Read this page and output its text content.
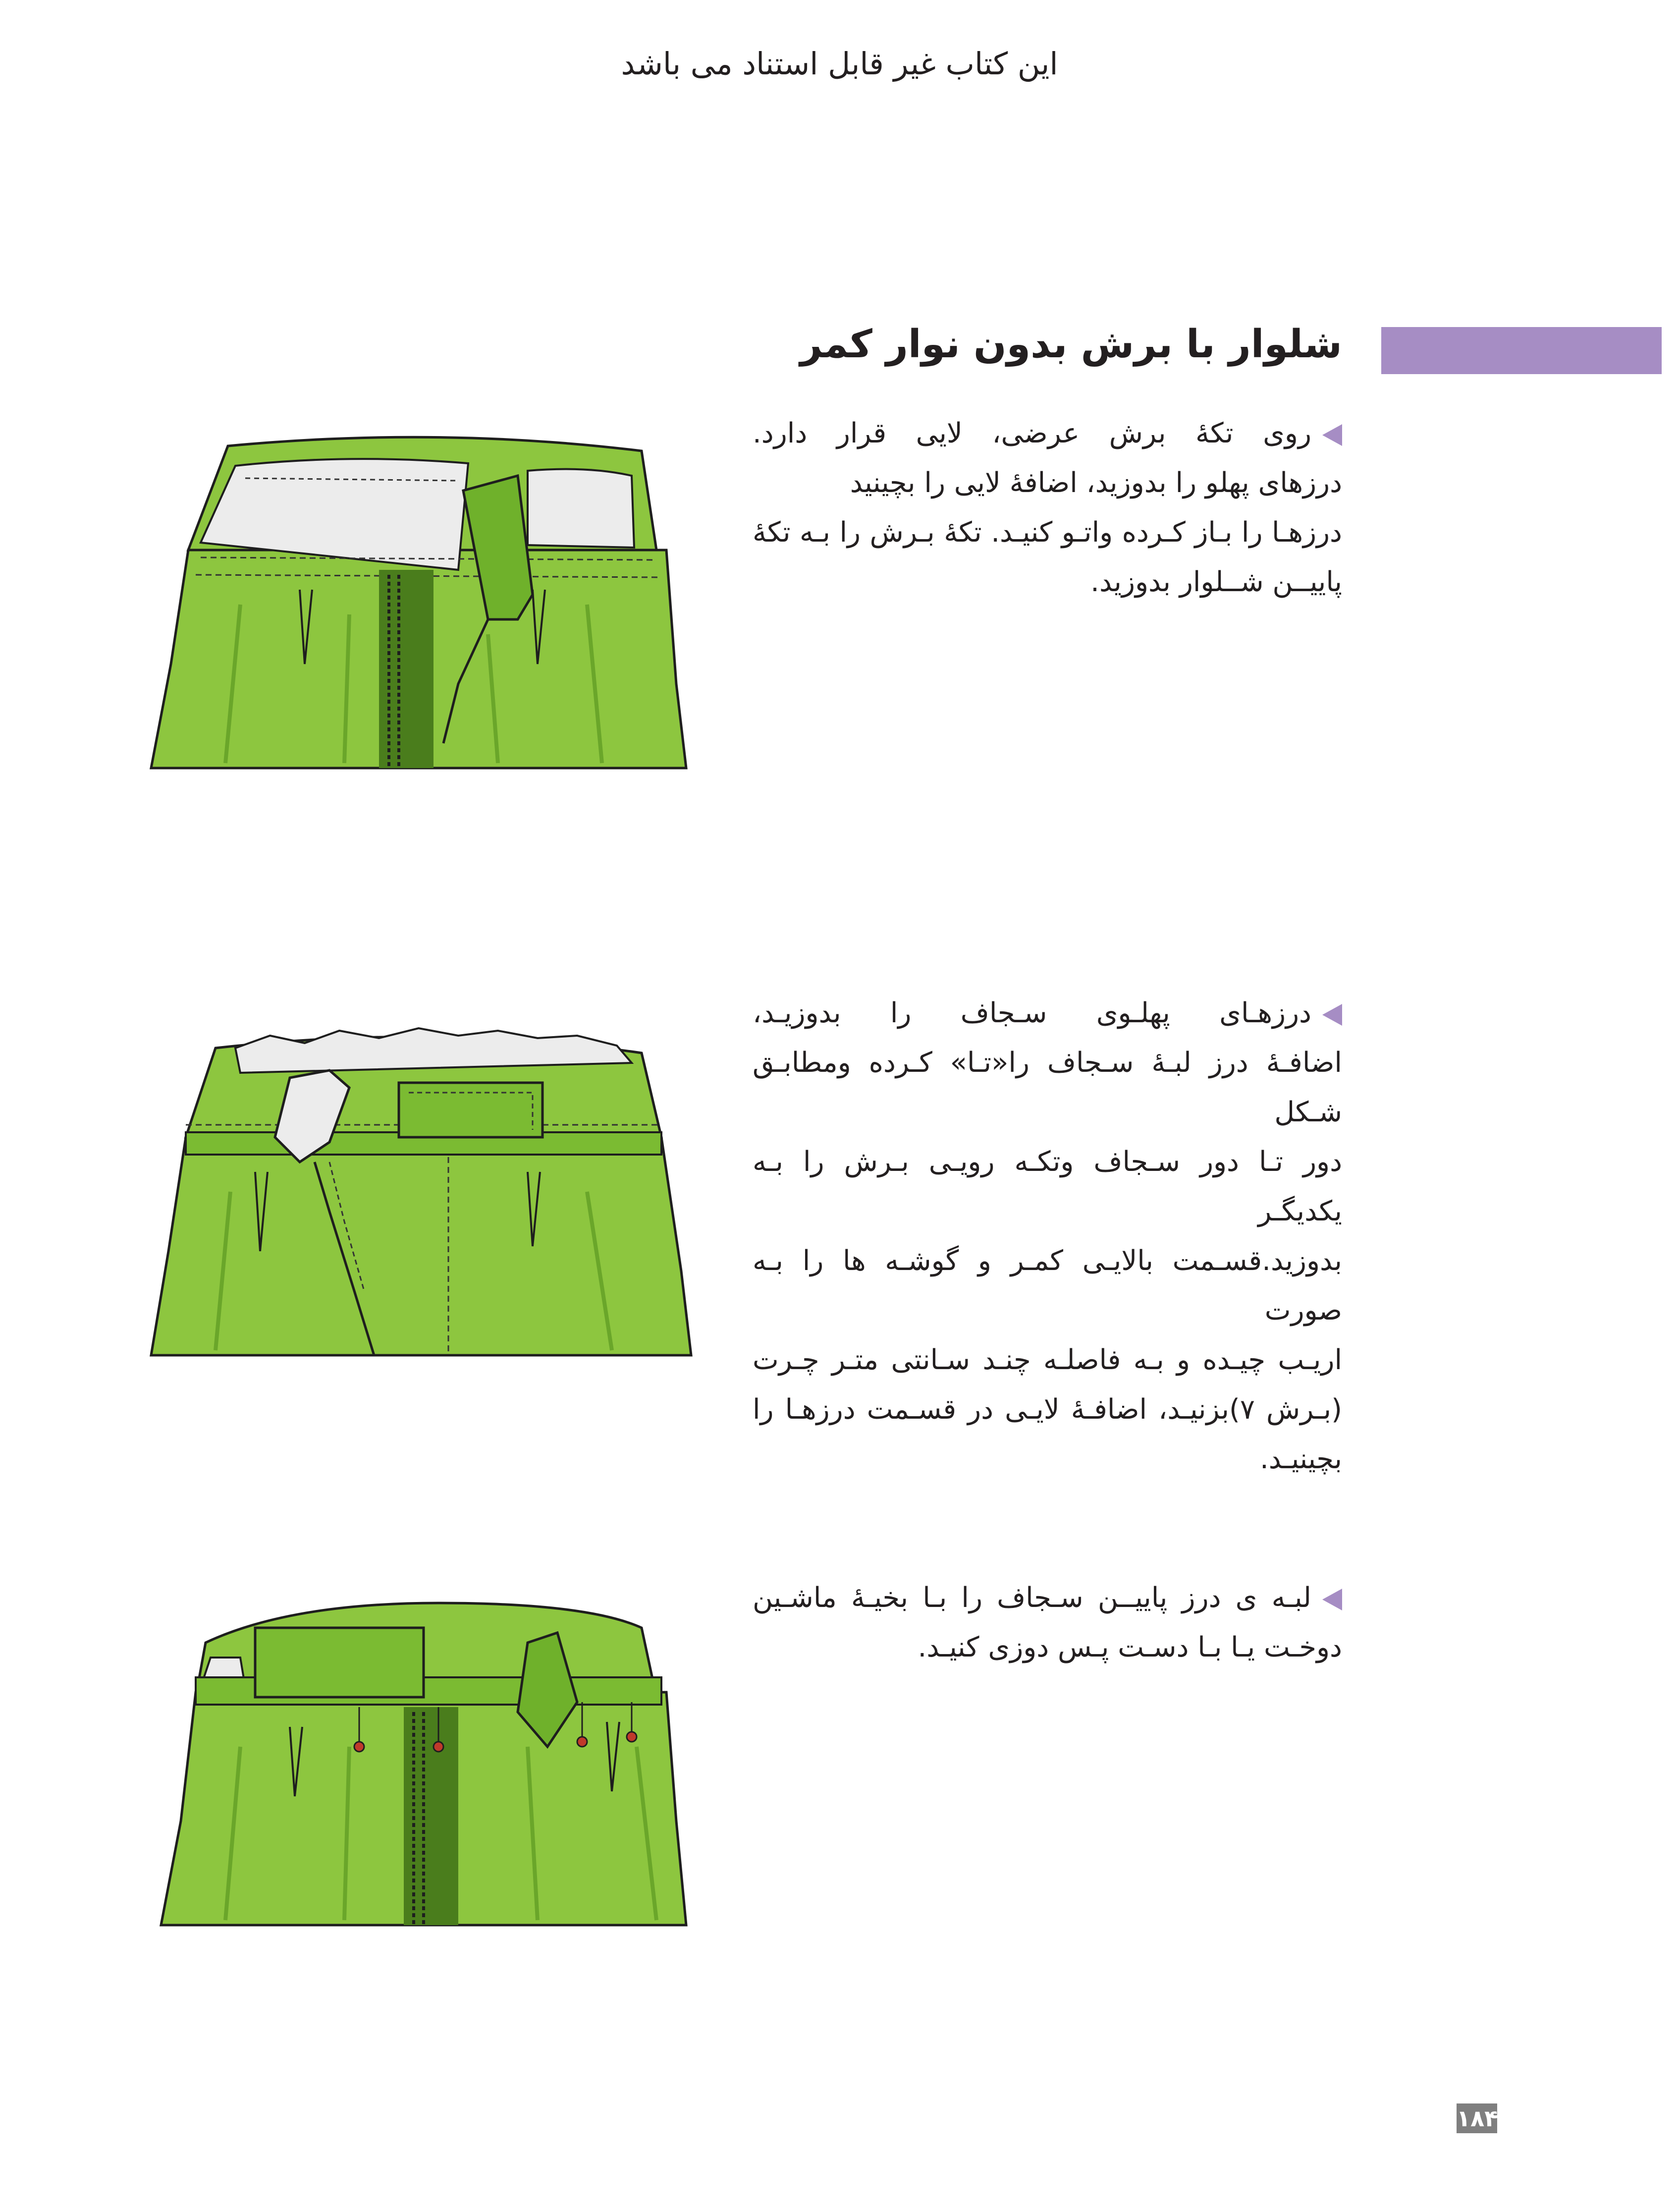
این کتاب غیر قابل استناد می باشد
شلوار با برش بدون نوار کمر
روی تکۀ برش عرضی، لایی قرار دارد.
درزهای پهلو را بدوزید، اضافۀ لایی را بچینید
درزهـا را بـاز کـرده واتـو کنیـد. تکۀ بـرش را بـه تکۀ
پاییــن شــلوار بدوزید.
درزهـای پهلـوی سـجاف را بدوزیـد،
اضافـۀ درز لبـۀ سـجاف را«تـا» کـرده ومطابـق شـکل
دور تـا دور سـجاف وتکـه رویـی بـرش را بـه یکدیگـر
بدوزید.قسـمت بالایـی کمـر و گوشـه ها را بـه صورت
اریـب چیـده و بـه فاصلـه چنـد سـانتی متـر چـرت
(بـرش ۷)بزنیـد، اضافـۀ لایـی در قسـمت درزهـا را
بچینیـد.
لبـه ی درز پاییــن سـجاف را بـا بخیـۀ ماشـین
دوخـت یـا بـا دسـت پـس دوزی کنیـد.
۱۸۴
